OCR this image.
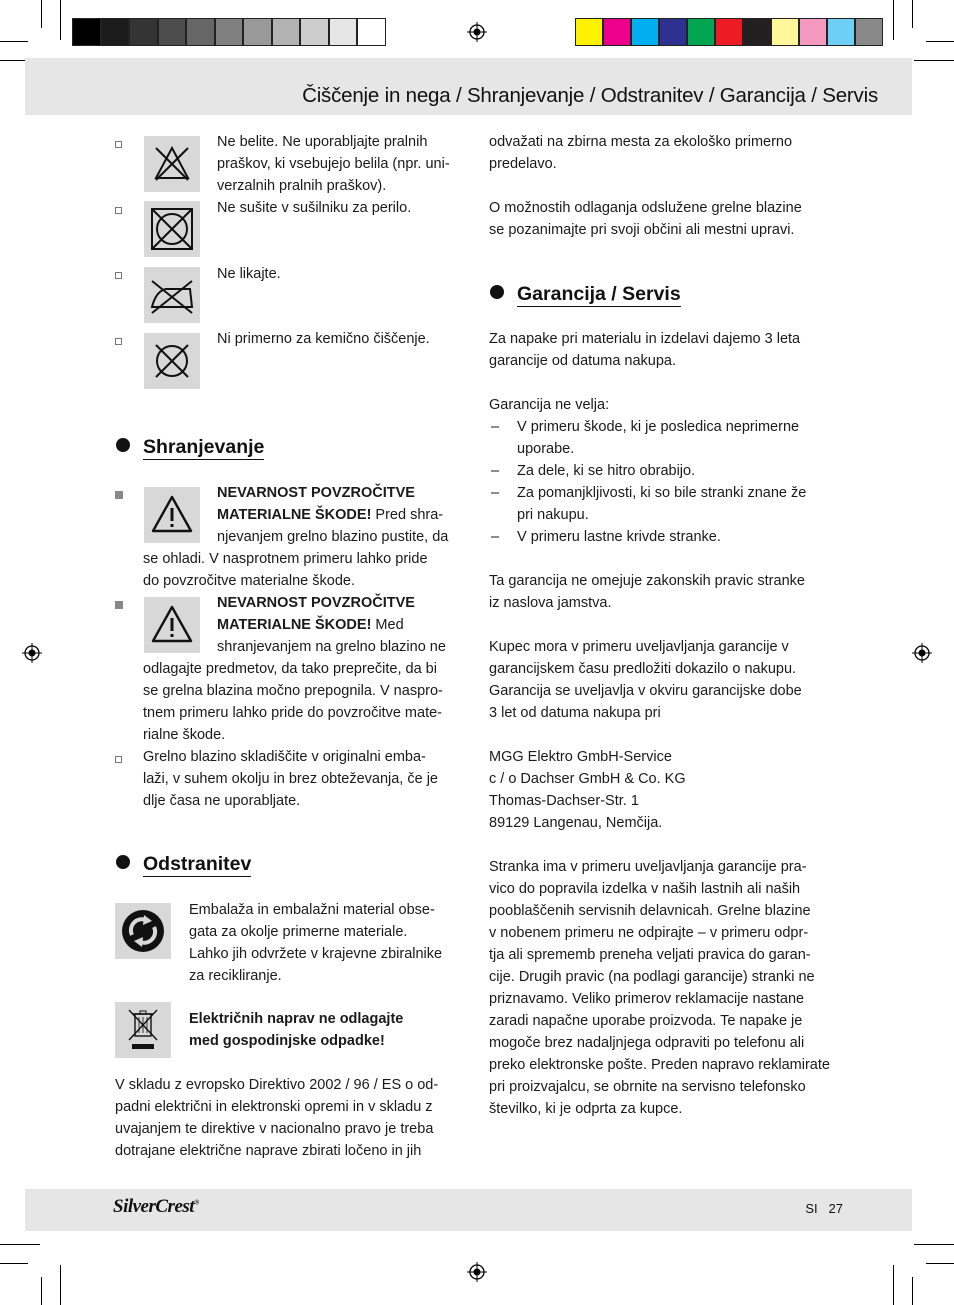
Čiščenje in nega / Shranjevanje / Odstranitev / Garancija / Servis
Ne belite. Ne uporabljajte pralnih
praškov, ki vsebujejo belila (npr. uni-
verzalnih pralnih praškov).
Ne sušite v sušilniku za perilo.
Ne likajte.
Ni primerno za kemično čiščenje.
Shranjevanje
NEVARNOST POVZROČITVE
MATERIALNE ŠKODE! Pred shra-
njevanjem grelno blazino pustite, da
se ohladi. V nasprotnem primeru lahko pride
do povzročitve materialne škode.
NEVARNOST POVZROČITVE
MATERIALNE ŠKODE! Med
shranjevanjem na grelno blazino ne
odlagajte predmetov, da tako preprečite, da bi
se grelna blazina močno prepognila. V naspro-
tnem primeru lahko pride do povzročitve mate-
rialne škode.
Grelno blazino skladiščite v originalni emba-
laži, v suhem okolju in brez obteževanja, če je
dlje časa ne uporabljate.
Odstranitev
Embalaža in embalažni material obse-
gata za okolje primerne materiale.
Lahko jih odvržete v krajevne zbiralnike
za recikliranje.
Električnih naprav ne odlagajte
med gospodinjske odpadke!
V skladu z evropsko Direktivo 2002 / 96 / ES o od-
padni električni in elektronski opremi in v skladu z
uvajanjem te direktive v nacionalno pravo je treba
dotrajane električne naprave zbirati ločeno in jih
odvažati na zbirna mesta za ekološko primerno
predelavo.
O možnostih odlaganja odslužene grelne blazine
se pozanimajte pri svoji občini ali mestni upravi.
Garancija / Servis
Za napake pri materialu in izdelavi dajemo 3 leta
garancije od datuma nakupa.
Garancija ne velja:
– V primeru škode, ki je posledica neprimerne
uporabe.
– Za dele, ki se hitro obrabijo.
– Za pomanjkljivosti, ki so bile stranki znane že
pri nakupu.
– V primeru lastne krivde stranke.
Ta garancija ne omejuje zakonskih pravic stranke
iz naslova jamstva.
Kupec mora v primeru uveljavljanja garancije v
garancijskem času predložiti dokazilo o nakupu.
Garancija se uveljavlja v okviru garancijske dobe
3 let od datuma nakupa pri
MGG Elektro GmbH-Service
c / o Dachser GmbH & Co. KG
Thomas-Dachser-Str. 1
89129 Langenau, Nemčija.
Stranka ima v primeru uveljavljanja garancije pra-
vico do popravila izdelka v naših lastnih ali naših
pooblaščenih servisnih delavnicah. Grelne blazine
v nobenem primeru ne odpirajte – v primeru odpr-
tja ali sprememb preneha veljati pravica do garan-
cije. Drugih pravic (na podlagi garancije) stranki ne
priznavamo. Veliko primerov reklamacije nastane
zaradi napačne uporabe proizvoda. Te napake je
mogoče brez nadaljnjega odpraviti po telefonu ali
preko elektronske pošte. Preden napravo reklamirate
pri proizvajalcu, se obrnite na servisno telefonsko
številko, ki je odprta za kupce.
SilverCrest®	SI 27
